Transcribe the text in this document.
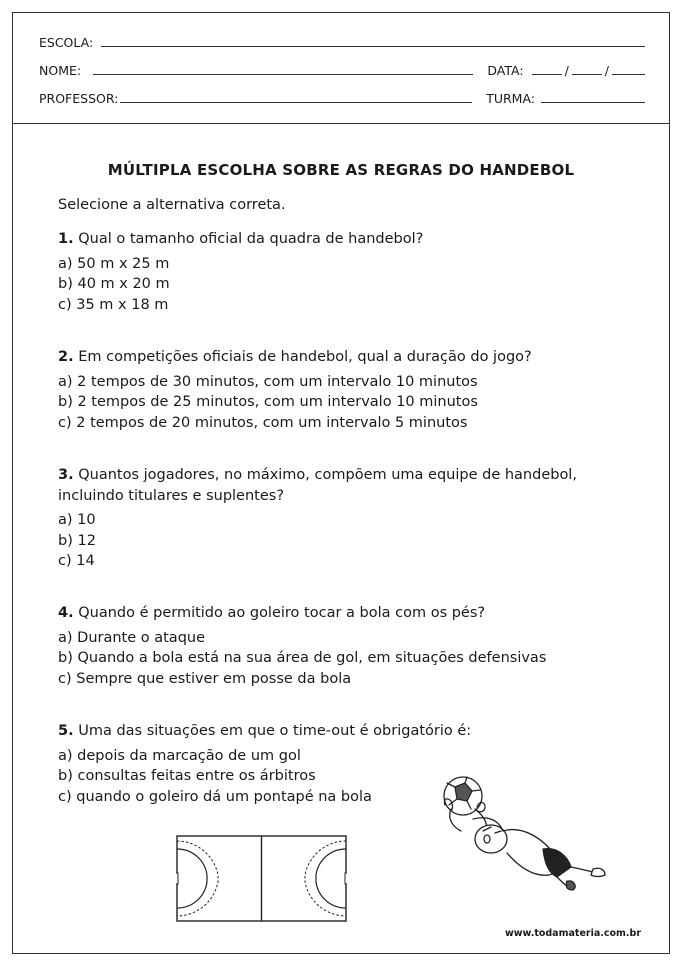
ESCOLA:
NOME:	DATA:	/	/
PROFESSOR:	TURMA:
MÚLTIPLA ESCOLHA SOBRE AS REGRAS DO HANDEBOL
Selecione a alternativa correta.

1. Qual o tamanho oficial da quadra de handebol?

a) 50 m x 25 m
b) 40 m x 20 m
c) 35 m x 18 m

2. Em competições oficiais de handebol, qual a duração do jogo?

a) 2 tempos de 30 minutos, com um intervalo 10 minutos
b) 2 tempos de 25 minutos, com um intervalo 10 minutos
c) 2 tempos de 20 minutos, com um intervalo 5 minutos

3. Quantos jogadores, no máximo, compõem uma equipe de handebol, incluindo titulares e suplentes?

a) 10
b) 12
c) 14

4. Quando é permitido ao goleiro tocar a bola com os pés?

a) Durante o ataque
b) Quando a bola está na sua área de gol, em situações defensivas
c) Sempre que estiver em posse da bola

5. Uma das situações em que o time-out é obrigatório é:

a) depois da marcação de um gol
b) consultas feitas entre os árbitros
c) quando o goleiro dá um pontapé na bola
www.todamateria.com.br
